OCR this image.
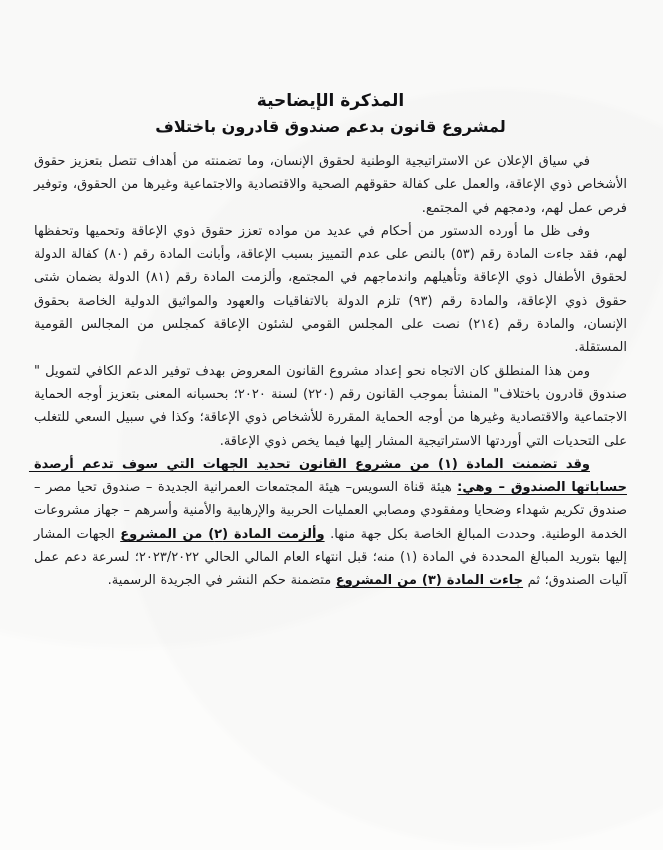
المذكرة الإيضاحية
لمشروع قانون بدعم صندوق قادرون باختلاف

في سياق الإعلان عن الاستراتيجية الوطنية لحقوق الإنسان، وما تضمنته من أهداف تتصل بتعزيز حقوق الأشخاص ذوي الإعاقة، والعمل على كفالة حقوقهم الصحية والاقتصادية والاجتماعية وغيرها من الحقوق، وتوفير فرص عمل لهم، ودمجهم في المجتمع.

وفى ظل ما أورده الدستور من أحكام في عديد من مواده تعزز حقوق ذوي الإعاقة وتحميها وتحفظها لهم، فقد جاءت المادة رقم (٥٣) بالنص على عدم التمييز بسبب الإعاقة، وأبانت المادة رقم (٨٠) كفالة الدولة لحقوق الأطفال ذوي الإعاقة وتأهيلهم واندماجهم في المجتمع، وألزمت المادة رقم (٨١) الدولة بضمان شتى حقوق ذوي الإعاقة، والمادة رقم (٩٣) تلزم الدولة بالاتفاقيات والعهود والمواثيق الدولية الخاصة بحقوق الإنسان، والمادة رقم (٢١٤) نصت على المجلس القومي لشئون الإعاقة كمجلس من المجالس القومية المستقلة.

ومن هذا المنطلق كان الاتجاه نحو إعداد مشروع القانون المعروض بهدف توفير الدعم الكافي لتمويل " صندوق قادرون باختلاف" المنشأ بموجب القانون رقم (٢٢٠) لسنة ٢٠٢٠؛ بحسبانه المعنى بتعزيز أوجه الحماية الاجتماعية والاقتصادية وغيرها من أوجه الحماية المقررة للأشخاص ذوي الإعاقة؛ وكذا في سبيل السعي للتغلب على التحديات التي أوردتها الاستراتيجية المشار إليها فيما يخص ذوي الإعاقة.

وقد تضمنت المادة (١) من مشروع القانون تحديد الجهات التي سوف تدعم أرصدة حساباتها الصندوق – وهي: هيئة قناة السويس– هيئة المجتمعات العمرانية الجديدة – صندوق تحيا مصر – صندوق تكريم شهداء وضحايا ومفقودي ومصابي العمليات الحربية والإرهابية والأمنية وأسرهم – جهاز مشروعات الخدمة الوطنية. وحددت المبالغ الخاصة بكل جهة منها. وألزمت المادة (٢) من المشروع الجهات المشار إليها بتوريد المبالغ المحددة في المادة (١) منه؛ قبل انتهاء العام المالي الحالي ٢٠٢٣/٢٠٢٢؛ لسرعة دعم عمل آليات الصندوق؛ ثم جاءت المادة (٣) من المشروع متضمنة حكم النشر في الجريدة الرسمية.
